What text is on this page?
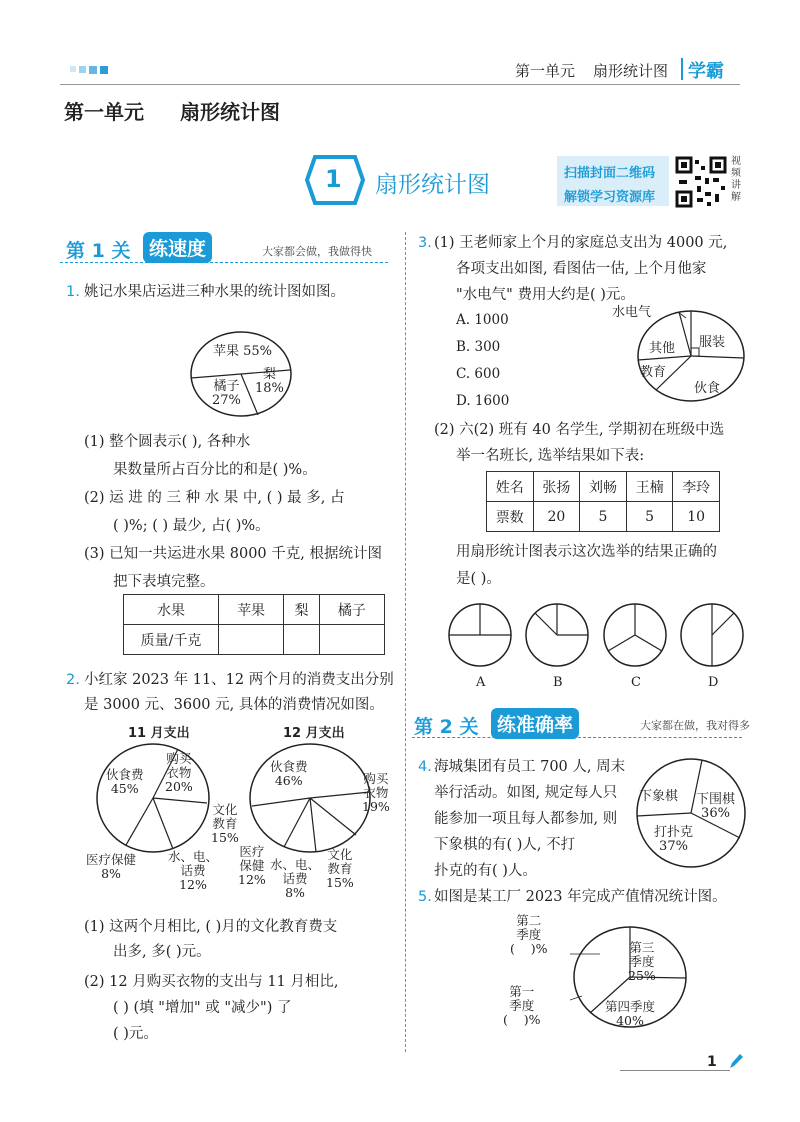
第一单元 扇形统计图 学霸
第一单元 扇形统计图
1 扇形统计图	扫描封面二维码
解锁学习资源库
视
频
讲
解
第 1 关 练速度	大家都会做，我做得快
1. 姚记水果店运进三种水果的统计图如图。
苹果 55%
橘子
27%
梨
18%
(1) 整个圆表示( ), 各种水
果数量所占百分比的和是( )%。
(2) 运 进 的 三 种 水 果 中, ( ) 最 多, 占
( )%; ( ) 最少, 占( )%。
(3) 已知一共运进水果 8000 千克, 根据统计图
把下表填完整。
水果	苹果	梨	橘子
质量/千克			
2. 小红家 2023 年 11、12 两个月的消费支出分别
是 3000 元、3600 元, 具体的消费情况如图。
11 月支出	12 月支出
伙食费
45%
购买
衣物
20%
文化
教育
15%
水、电、
话费
12%
医疗保健
8%
伙食费
46%	购买
衣物
19%
文化
教育
15%
水、电、
话费
8%
医疗
保健
12%
(1) 这两个月相比, ( )月的文化教育费支
出多, 多( )元。
(2) 12 月购买衣物的支出与 11 月相比,
( ) (填 "增加" 或 "减少") 了
( )元。
3. (1) 王老师家上个月的家庭总支出为 4000 元,
各项支出如图, 看图估一估, 上个月他家
"水电气" 费用大约是( )元。
A. 1000
B. 300
C. 600
D. 1600
水电气
服装
其他
教育
伙食
(2) 六(2) 班有 40 名学生, 学期初在班级中选
举一名班长, 选举结果如下表:
姓名	张扬	刘畅	王楠	李玲
票数	20	5	5	10
用扇形统计图表示这次选举的结果正确的
是( )。
A	B	C	D
第 2 关 练准确率	大家都在做，我对得多
4. 海城集团有员工 700 人, 周末
举行活动。如图, 规定每人只
能参加一项且每人都参加, 则
下象棋的有( )人, 不打
扑克的有( )人。
下象棋 下围棋
36%
打扑克
37%
5. 如图是某工厂 2023 年完成产值情况统计图。
第二
季度
(    )%	第三
季度
25%
第一
季度
(    )%
第四季度
40%
1
